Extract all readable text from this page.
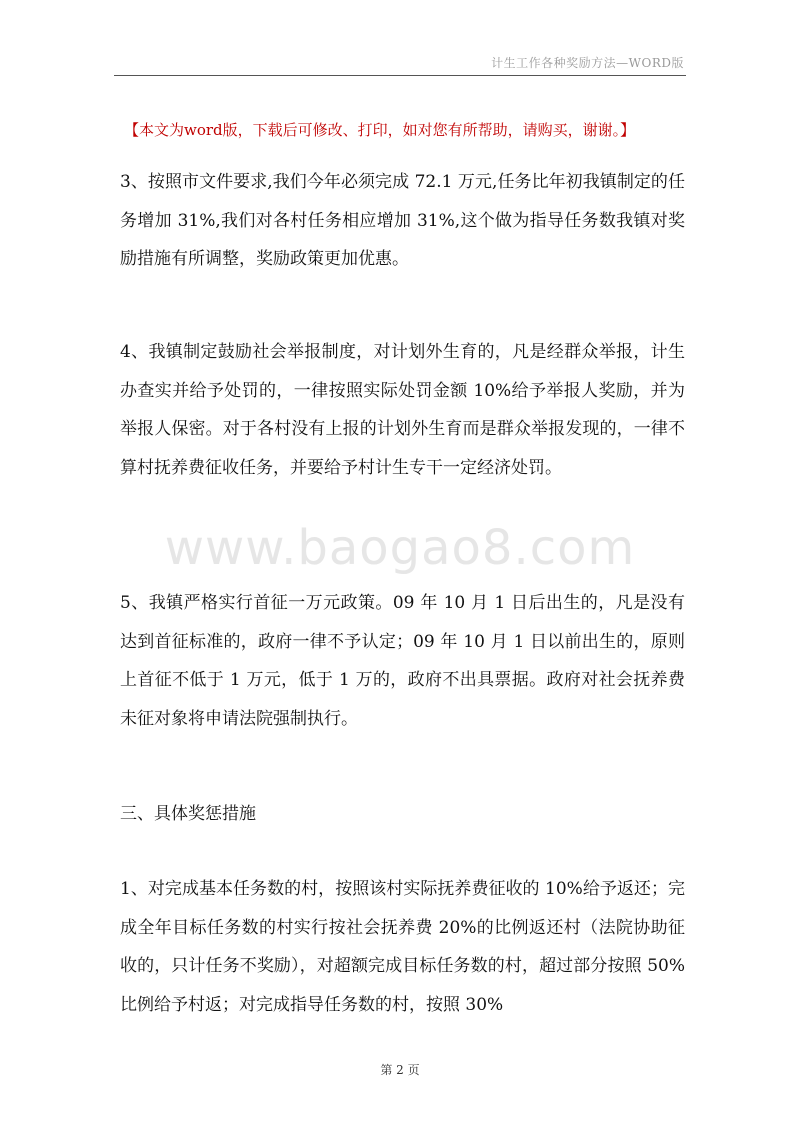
计生工作各种奖励方法—WORD版
【本文为word版，下载后可修改、打印，如对您有所帮助，请购买，谢谢。】

3、按照市文件要求,我们今年必须完成 72.1 万元,任务比年初我镇制定的任务增加 31%,我们对各村任务相应增加 31%,这个做为指导任务数我镇对奖励措施有所调整，奖励政策更加优惠。

4、我镇制定鼓励社会举报制度，对计划外生育的，凡是经群众举报，计生办查实并给予处罚的，一律按照实际处罚金额 10%给予举报人奖励，并为举报人保密。对于各村没有上报的计划外生育而是群众举报发现的，一律不算村抚养费征收任务，并要给予村计生专干一定经济处罚。

www.baogao8.com

5、我镇严格实行首征一万元政策。09 年 10 月 1 日后出生的，凡是没有达到首征标准的，政府一律不予认定；09 年 10 月 1 日以前出生的，原则上首征不低于 1 万元，低于 1 万的，政府不出具票据。政府对社会抚养费未征对象将申请法院强制执行。

三、具体奖惩措施

1、对完成基本任务数的村，按照该村实际抚养费征收的 10%给予返还；完成全年目标任务数的村实行按社会抚养费 20%的比例返还村（法院协助征收的，只计任务不奖励），对超额完成目标任务数的村，超过部分按照 50%比例给予村返；对完成指导任务数的村，按照 30%

第 2 页
